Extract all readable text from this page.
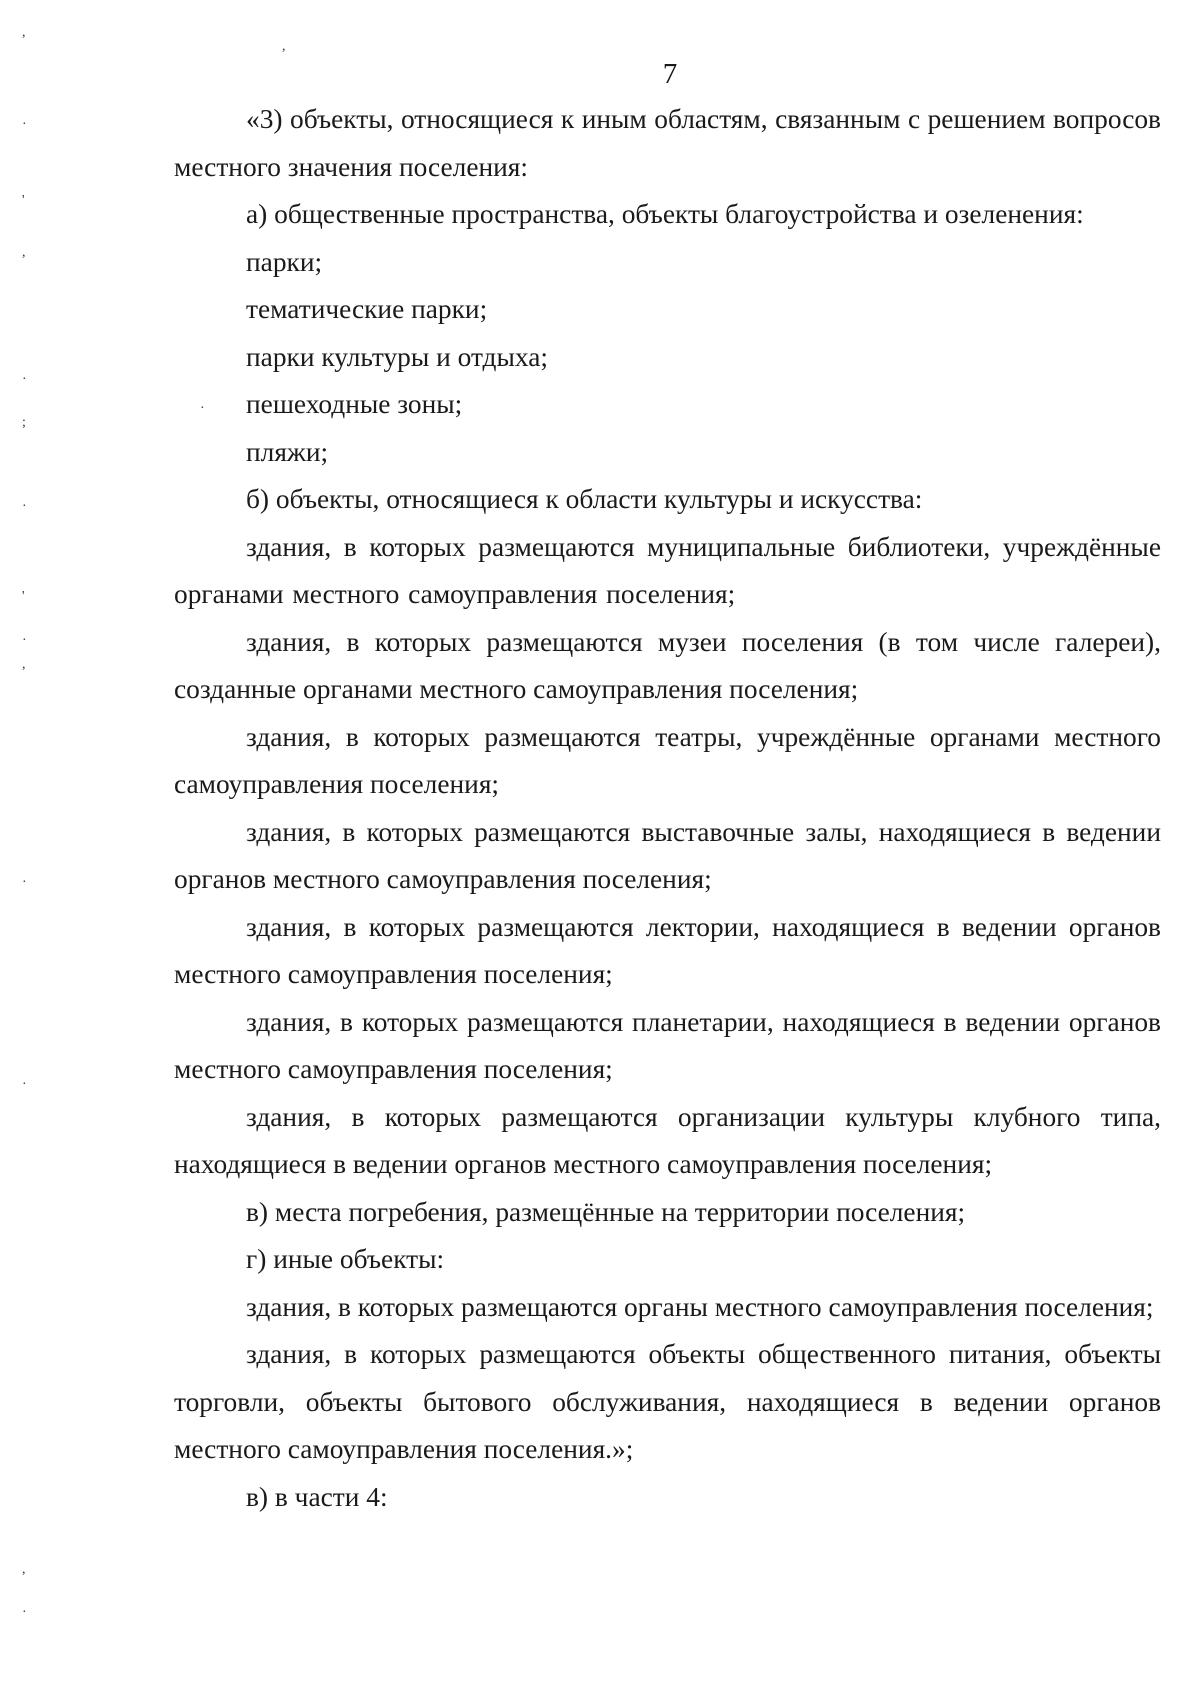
7

«3) объекты, относящиеся к иным областям, связанным с решением вопросов местного значения поселения:

а) общественные пространства, объекты благоустройства и озеленения:

парки;

тематические парки;

парки культуры и отдыха;

пешеходные зоны;

пляжи;

б) объекты, относящиеся к области культуры и искусства:

здания, в которых размещаются муниципальные библиотеки, учреждённые органами местного самоуправления поселения;

здания, в которых размещаются музеи поселения (в том числе галереи), созданные органами местного самоуправления поселения;

здания, в которых размещаются театры, учреждённые органами местного самоуправления поселения;

здания, в которых размещаются выставочные залы, находящиеся в ведении органов местного самоуправления поселения;

здания, в которых размещаются лектории, находящиеся в ведении органов местного самоуправления поселения;

здания, в которых размещаются планетарии, находящиеся в ведении органов местного самоуправления поселения;

здания, в которых размещаются организации культуры клубного типа, находящиеся в ведении органов местного самоуправления поселения;

в) места погребения, размещённые на территории поселения;

г) иные объекты:

здания, в которых размещаются органы местного самоуправления поселения;

здания, в которых размещаются объекты общественного питания, объекты торговли, объекты бытового обслуживания, находящиеся в ведении органов местного самоуправления поселения.»;

в) в части 4:

,
·
'
,
·
;
·
'
·
,
·
·
,
·
,
·
